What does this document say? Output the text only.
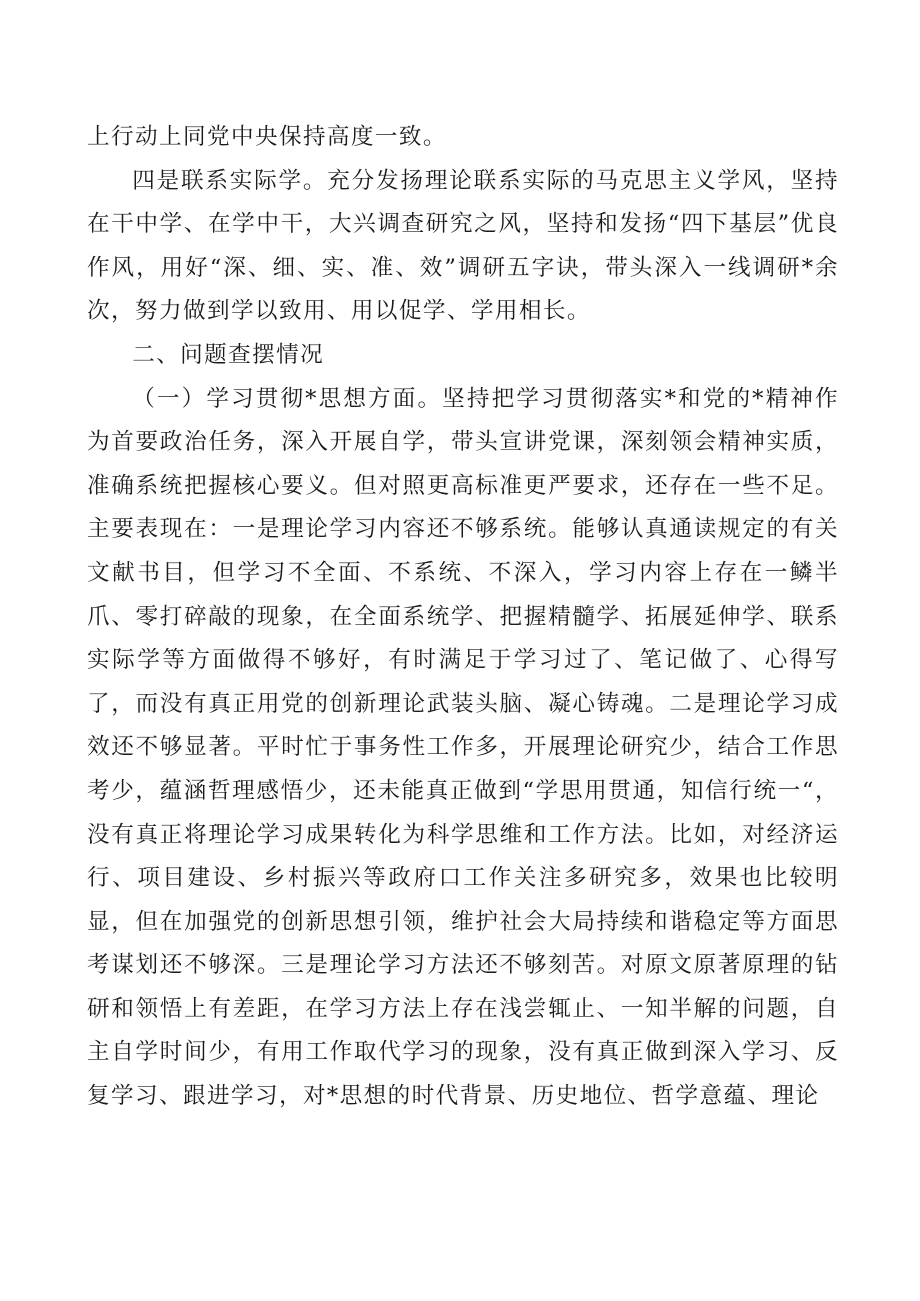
上行动上同党中央保持高度一致。

四是联系实际学。充分发扬理论联系实际的马克思主义学风，坚持在干中学、在学中干，大兴调查研究之风，坚持和发扬“四下基层”优良作风，用好“深、细、实、准、效”调研五字诀，带头深入一线调研*余次，努力做到学以致用、用以促学、学用相长。

二、问题查摆情况

（一）学习贯彻*思想方面。坚持把学习贯彻落实*和党的*精神作为首要政治任务，深入开展自学，带头宣讲党课，深刻领会精神实质，准确系统把握核心要义。但对照更高标准更严要求，还存在一些不足。主要表现在：一是理论学习内容还不够系统。能够认真通读规定的有关文献书目，但学习不全面、不系统、不深入，学习内容上存在一鳞半爪、零打碎敲的现象，在全面系统学、把握精髓学、拓展延伸学、联系实际学等方面做得不够好，有时满足于学习过了、笔记做了、心得写了，而没有真正用党的创新理论武装头脑、凝心铸魂。二是理论学习成效还不够显著。平时忙于事务性工作多，开展理论研究少，结合工作思考少，蕴涵哲理感悟少，还未能真正做到“学思用贯通，知信行统一“，没有真正将理论学习成果转化为科学思维和工作方法。比如，对经济运行、项目建设、乡村振兴等政府口工作关注多研究多，效果也比较明显，但在加强党的创新思想引领，维护社会大局持续和谐稳定等方面思考谋划还不够深。三是理论学习方法还不够刻苦。对原文原著原理的钻研和领悟上有差距，在学习方法上存在浅尝辄止、一知半解的问题，自主自学时间少，有用工作取代学习的现象，没有真正做到深入学习、反复学习、跟进学习，对*思想的时代背景、历史地位、哲学意蕴、理论
